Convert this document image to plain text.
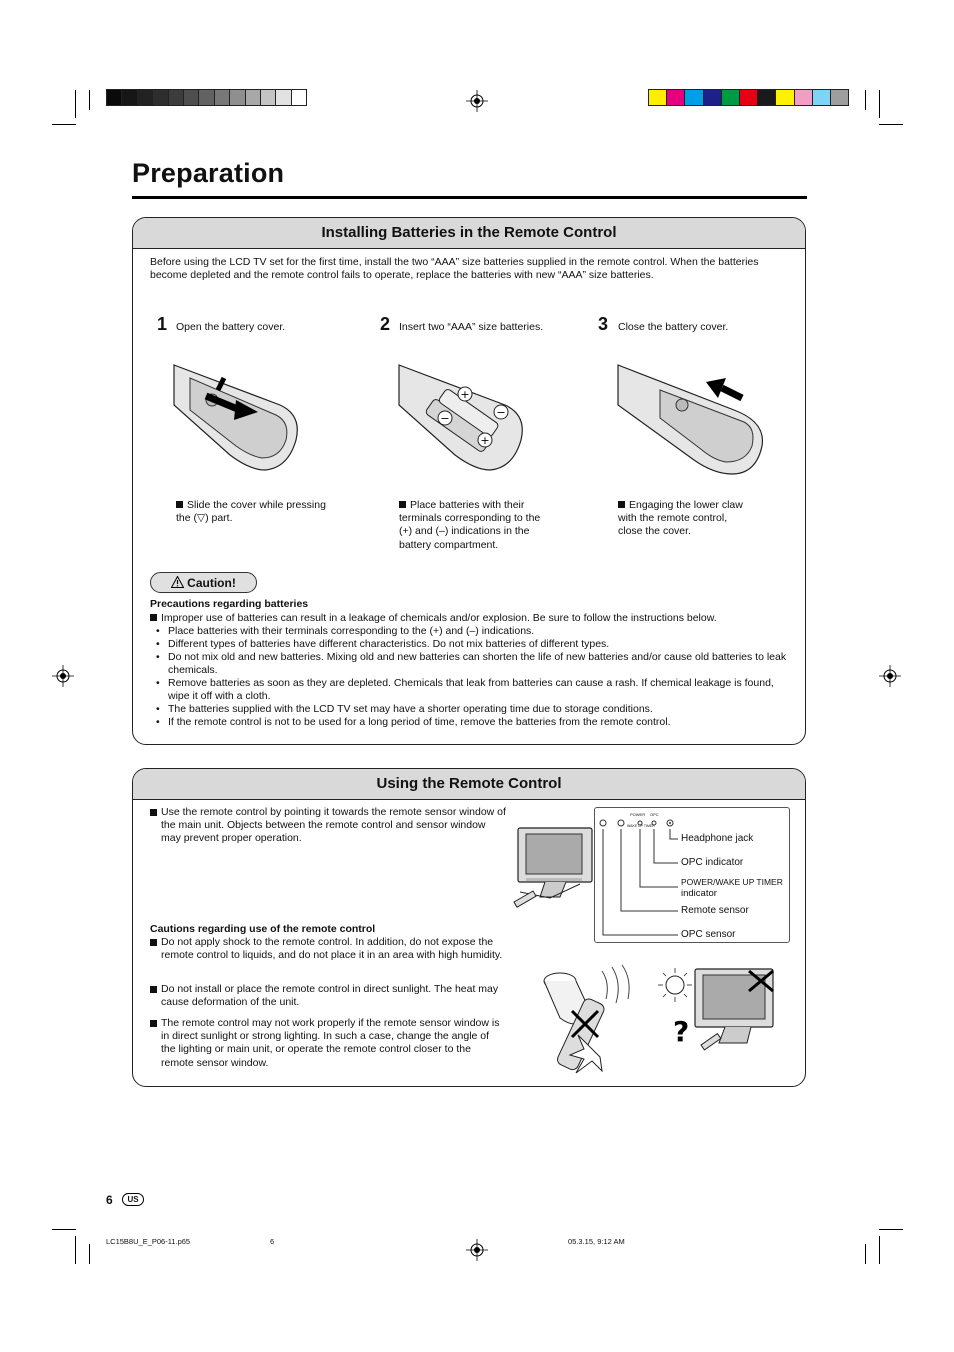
Preparation
Installing Batteries in the Remote Control
Before using the LCD TV set for the first time, install the two “AAA” size batteries supplied in the remote control. When the batteries become depleted and the remote control fails to operate, replace the batteries with new “AAA” size batteries.
1 Open the battery cover.	2 Insert two “AAA” size batteries.	3 Close the battery cover.
+
−	−
+
Slide the cover while pressing the (▽) part.
Place batteries with their terminals corresponding to the (+) and (–) indications in the battery compartment.
Engaging the lower claw with the remote control, close the cover.
Caution!
Precautions regarding batteries
Improper use of batteries can result in a leakage of chemicals and/or explosion. Be sure to follow the instructions below.
• Place batteries with their terminals corresponding to the (+) and (–) indications.
• Different types of batteries have different characteristics. Do not mix batteries of different types.
• Do not mix old and new batteries. Mixing old and new batteries can shorten the life of new batteries and/or cause old batteries to leak chemicals.
• Remove batteries as soon as they are depleted. Chemicals that leak from batteries can cause a rash. If chemical leakage is found, wipe it off with a cloth.
• The batteries supplied with the LCD TV set may have a shorter operating time due to storage conditions.
• If the remote control is not to be used for a long period of time, remove the batteries from the remote control.
Using the Remote Control
Use the remote control by pointing it towards the remote sensor window of the main unit. Objects between the remote control and sensor window may prevent proper operation.
Cautions regarding use of the remote control
Do not apply shock to the remote control. In addition, do not expose the remote control to liquids, and do not place it in an area with high humidity.
Do not install or place the remote control in direct sunlight. The heat may cause deformation of the unit.
The remote control may not work properly if the remote sensor window is in direct sunlight or strong lighting. In such a case, change the angle of the lighting or main unit, or operate the remote control closer to the remote sensor window.
POWER OPC
WAKE UP TIMER
Headphone jack
OPC indicator
POWER/WAKE UP TIMER
indicator
Remote sensor
OPC sensor
?
6	US
LC15B8U_E_P06-11.p65	6	05.3.15, 9:12 AM
